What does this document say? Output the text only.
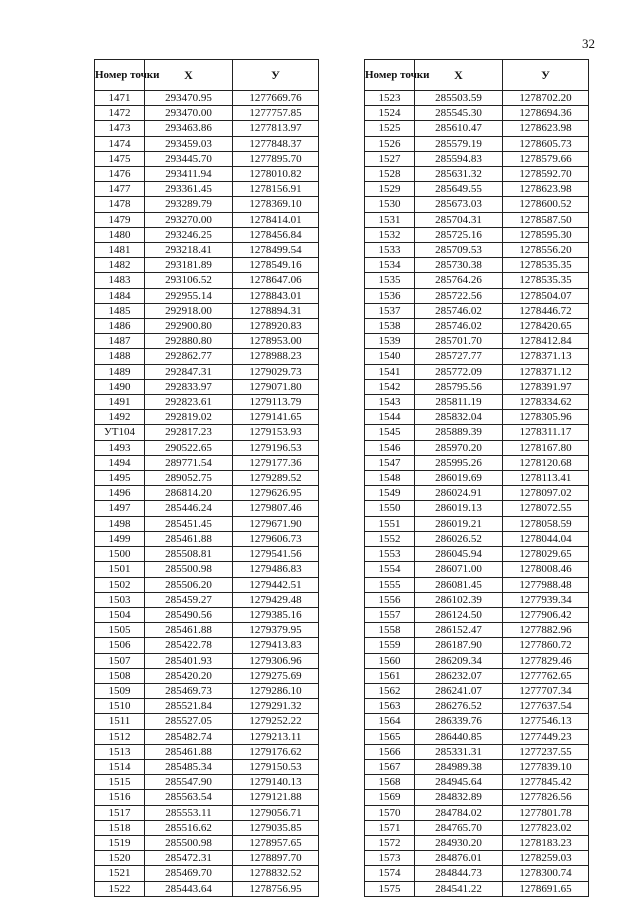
32
Номер точки	X	У
1471	293470.95	1277669.76
1472	293470.00	1277757.85
1473	293463.86	1277813.97
1474	293459.03	1277848.37
1475	293445.70	1277895.70
1476	293411.94	1278010.82
1477	293361.45	1278156.91
1478	293289.79	1278369.10
1479	293270.00	1278414.01
1480	293246.25	1278456.84
1481	293218.41	1278499.54
1482	293181.89	1278549.16
1483	293106.52	1278647.06
1484	292955.14	1278843.01
1485	292918.00	1278894.31
1486	292900.80	1278920.83
1487	292880.80	1278953.00
1488	292862.77	1278988.23
1489	292847.31	1279029.73
1490	292833.97	1279071.80
1491	292823.61	1279113.79
1492	292819.02	1279141.65
УТ104	292817.23	1279153.93
1493	290522.65	1279196.53
1494	289771.54	1279177.36
1495	289052.75	1279289.52
1496	286814.20	1279626.95
1497	285446.24	1279807.46
1498	285451.45	1279671.90
1499	285461.88	1279606.73
1500	285508.81	1279541.56
1501	285500.98	1279486.83
1502	285506.20	1279442.51
1503	285459.27	1279429.48
1504	285490.56	1279385.16
1505	285461.88	1279379.95
1506	285422.78	1279413.83
1507	285401.93	1279306.96
1508	285420.20	1279275.69
1509	285469.73	1279286.10
1510	285521.84	1279291.32
1511	285527.05	1279252.22
1512	285482.74	1279213.11
1513	285461.88	1279176.62
1514	285485.34	1279150.53
1515	285547.90	1279140.13
1516	285563.54	1279121.88
1517	285553.11	1279056.71
1518	285516.62	1279035.85
1519	285500.98	1278957.65
1520	285472.31	1278897.70
1521	285469.70	1278832.52
1522	285443.64	1278756.95
Номер точки	X	У
1523	285503.59	1278702.20
1524	285545.30	1278694.36
1525	285610.47	1278623.98
1526	285579.19	1278605.73
1527	285594.83	1278579.66
1528	285631.32	1278592.70
1529	285649.55	1278623.98
1530	285673.03	1278600.52
1531	285704.31	1278587.50
1532	285725.16	1278595.30
1533	285709.53	1278556.20
1534	285730.38	1278535.35
1535	285764.26	1278535.35
1536	285722.56	1278504.07
1537	285746.02	1278446.72
1538	285746.02	1278420.65
1539	285701.70	1278412.84
1540	285727.77	1278371.13
1541	285772.09	1278371.12
1542	285795.56	1278391.97
1543	285811.19	1278334.62
1544	285832.04	1278305.96
1545	285889.39	1278311.17
1546	285970.20	1278167.80
1547	285995.26	1278120.68
1548	286019.69	1278113.41
1549	286024.91	1278097.02
1550	286019.13	1278072.55
1551	286019.21	1278058.59
1552	286026.52	1278044.04
1553	286045.94	1278029.65
1554	286071.00	1278008.46
1555	286081.45	1277988.48
1556	286102.39	1277939.34
1557	286124.50	1277906.42
1558	286152.47	1277882.96
1559	286187.90	1277860.72
1560	286209.34	1277829.46
1561	286232.07	1277762.65
1562	286241.07	1277707.34
1563	286276.52	1277637.54
1564	286339.76	1277546.13
1565	286440.85	1277449.23
1566	285331.31	1277237.55
1567	284989.38	1277839.10
1568	284945.64	1277845.42
1569	284832.89	1277826.56
1570	284784.02	1277801.78
1571	284765.70	1277823.02
1572	284930.20	1278183.23
1573	284876.01	1278259.03
1574	284844.73	1278300.74
1575	284541.22	1278691.65
